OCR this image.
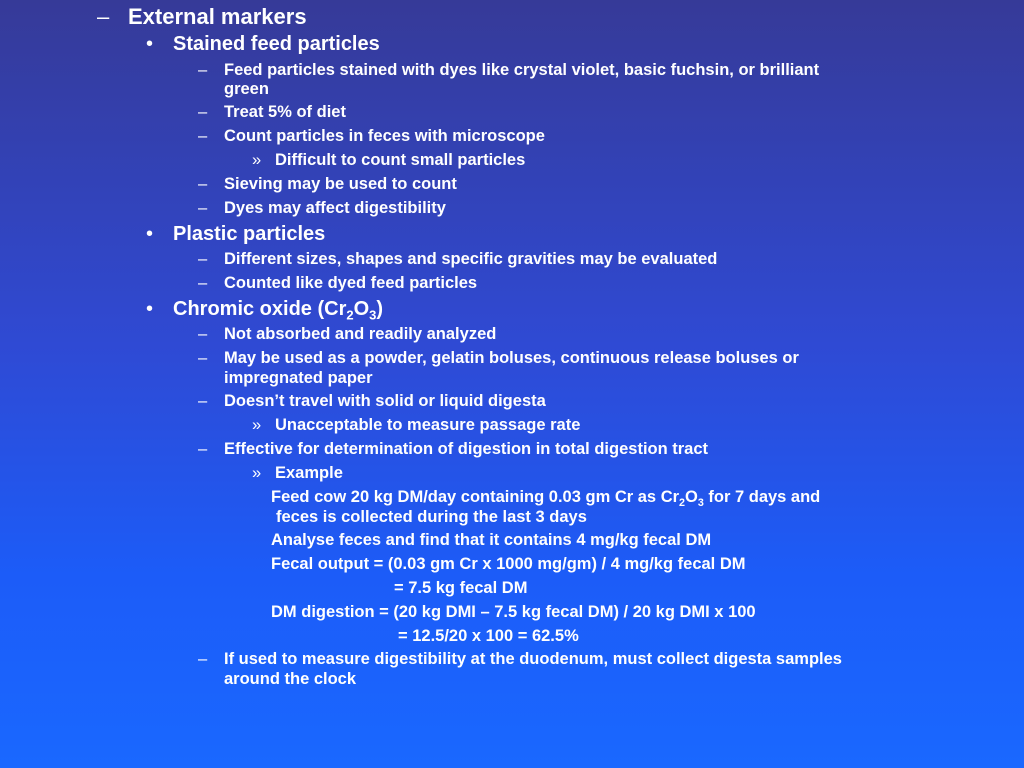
– External markers
• Stained feed particles
– Feed particles stained with dyes like crystal violet, basic fuchsin, or brilliant
green
– Treat 5% of diet
– Count particles in feces with microscope
» Difficult to count small particles
– Sieving may be used to count
– Dyes may affect digestibility
• Plastic particles
– Different sizes, shapes and specific gravities may be evaluated
– Counted like dyed feed particles
• Chromic oxide $(Cr_2O_3)$
– Not absorbed and readily analyzed
– May be used as a powder, gelatin boluses, continuous release boluses or
impregnated paper
– Doesn’t travel with solid or liquid digesta
» Unacceptable to measure passage rate
– Effective for determination of digestion in total digestion tract
» Example
Feed cow 20 kg DM/day containing 0.03 gm Cr as $Cr_2O_3$ for 7 days and
feces is collected during the last 3 days
Analyse feces and find that it contains 4 mg/kg fecal DM
Fecal output = (0.03 gm Cr x 1000 mg/gm) / 4 mg/kg fecal DM
= 7.5 kg fecal DM
DM digestion = (20 kg DMI – 7.5 kg fecal DM) / 20 kg DMI x 100
= 12.5/20 x 100 = 62.5%
– If used to measure digestibility at the duodenum, must collect digesta samples
around the clock
